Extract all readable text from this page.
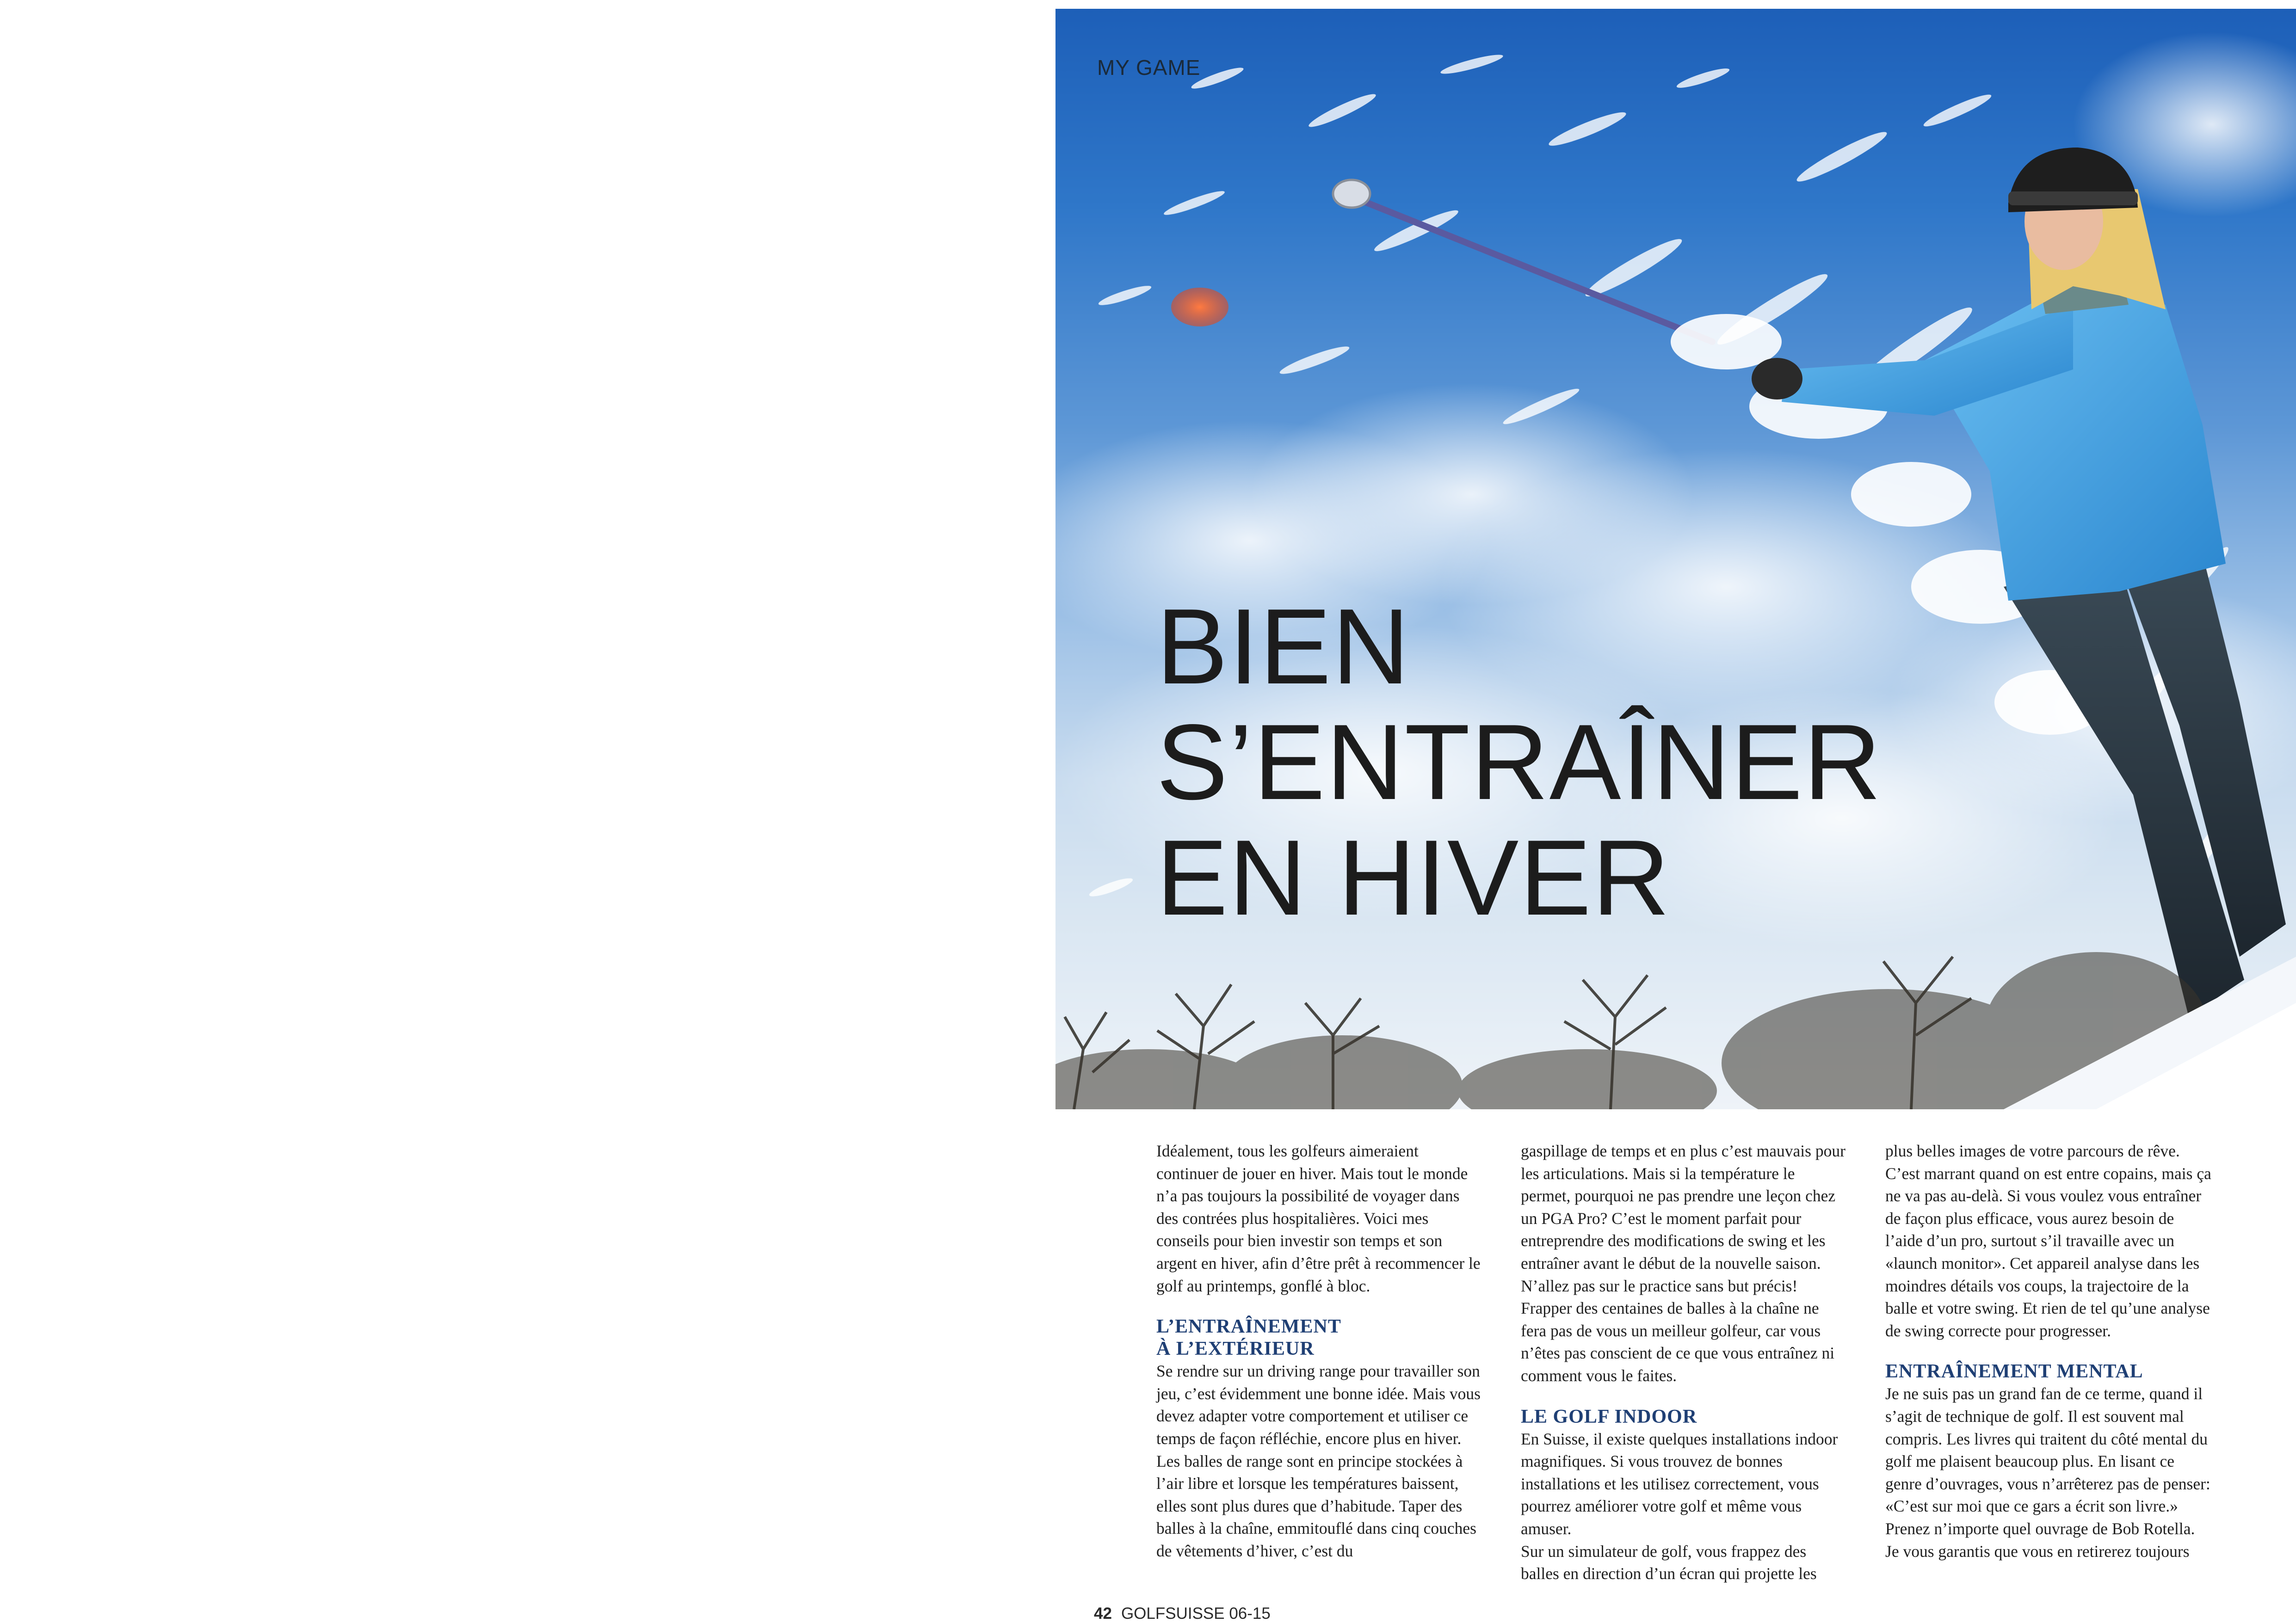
MY GAME
BIEN
S’ENTRAÎNER
EN HIVER

Idéalement, tous les golfeurs aimeraient continuer de jouer en hiver. Mais tout le monde n’a pas toujours la possibilité de voyager dans des contrées plus hospitalières. Voici mes conseils pour bien investir son temps et son argent en hiver, afin d’être prêt à recommencer le golf au printemps, gonflé à bloc.

L’ENTRAÎNEMENT
À L’EXTÉRIEUR

Se rendre sur un driving range pour travailler son jeu, c’est évidemment une bonne idée. Mais vous devez adapter votre comportement et utiliser ce temps de façon réfléchie, encore plus en hiver. Les balles de range sont en principe stockées à l’air libre et lorsque les températures baissent, elles sont plus dures que d’habitude. Taper des balles à la chaîne, emmitouflé dans cinq couches de vêtements d’hiver, c’est du

gaspillage de temps et en plus c’est mauvais pour les articulations. Mais si la température le permet, pourquoi ne pas prendre une leçon chez un PGA Pro? C’est le moment parfait pour entreprendre des modifications de swing et les entraîner avant le début de la nouvelle saison. N’allez pas sur le practice sans but précis! Frapper des centaines de balles à la chaîne ne fera pas de vous un meilleur golfeur, car vous n’êtes pas conscient de ce que vous entraînez ni comment vous le faites.

LE GOLF INDOOR

En Suisse, il existe quelques installations indoor magnifiques. Si vous trouvez de bonnes installations et les utilisez correctement, vous pourrez améliorer votre golf et même vous amuser.

Sur un simulateur de golf, vous frappez des balles en direction d’un écran qui projette les

plus belles images de votre parcours de rêve. C’est marrant quand on est entre copains, mais ça ne va pas au-delà. Si vous voulez vous entraîner de façon plus efficace, vous aurez besoin de l’aide d’un pro, surtout s’il travaille avec un «launch monitor». Cet appareil analyse dans les moindres détails vos coups, la trajectoire de la balle et votre swing. Et rien de tel qu’une analyse de swing correcte pour progresser.

ENTRAÎNEMENT MENTAL

Je ne suis pas un grand fan de ce terme, quand il s’agit de technique de golf. Il est souvent mal compris. Les livres qui traitent du côté mental du golf me plaisent beaucoup plus. En lisant ce genre d’ouvrages, vous n’arrêterez pas de penser: «C’est sur moi que ce gars a écrit son livre.» Prenez n’importe quel ouvrage de Bob Rotella. Je vous garantis que vous en retirerez toujours

42 GOLFSUISSE 06-15
